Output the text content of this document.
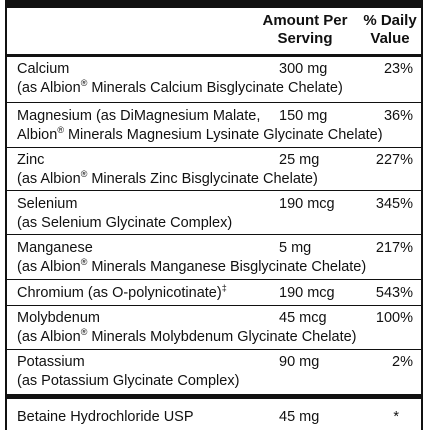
Amount Per Serving
% Daily Value
Calcium	300 mg	23%
(as Albion® Minerals Calcium Bisglycinate Chelate)
Magnesium (as DiMagnesium Malate, 150 mg	36%
Albion® Minerals Magnesium Lysinate Glycinate Chelate)
Zinc	25 mg	227%
(as Albion® Minerals Zinc Bisglycinate Chelate)
Selenium	190 mcg	345%
(as Selenium Glycinate Complex)
Manganese	5 mg	217%
(as Albion® Minerals Manganese Bisglycinate Chelate)
Chromium (as O-polynicotinate)‡	190 mcg	543%
Molybdenum	45 mcg	100%
(as Albion® Minerals Molybdenum Glycinate Chelate)
Potassium	90 mg	2%
(as Potassium Glycinate Complex)
Betaine Hydrochloride USP	45 mg	*
